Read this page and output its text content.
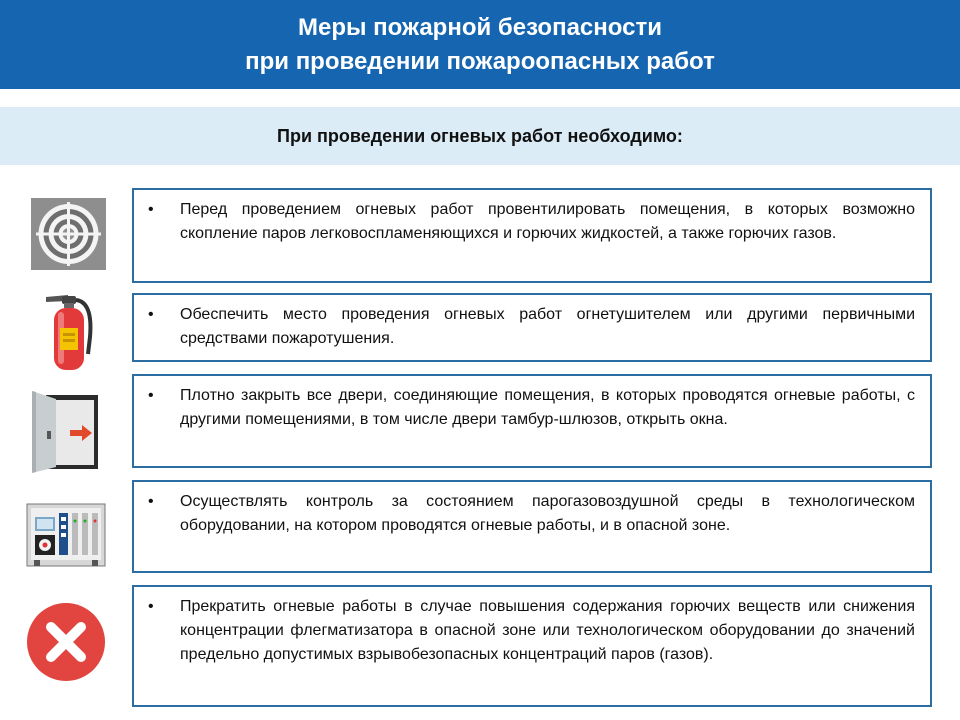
Меры пожарной безопасности
при проведении пожароопасных работ
При проведении огневых работ необходимо:
•	Перед проведением огневых работ провентилировать помещения, в которых возможно скопление паров легковоспламеняющихся и горючих жидкостей, а также горючих газов.
•	Обеспечить место проведения огневых работ огнетушителем или другими первичными средствами пожаротушения.
•	Плотно закрыть все двери, соединяющие помещения, в которых проводятся огневые работы, с другими помещениями, в том числе двери тамбур-шлюзов, открыть окна.
•	Осуществлять контроль за состоянием парогазовоздушной среды в технологическом оборудовании, на котором проводятся огневые работы, и в опасной зоне.
•	Прекратить огневые работы в случае повышения содержания горючих веществ или снижения концентрации флегматизатора в опасной зоне или технологическом оборудовании до значений предельно допустимых взрывобезопасных концентраций паров (газов).
